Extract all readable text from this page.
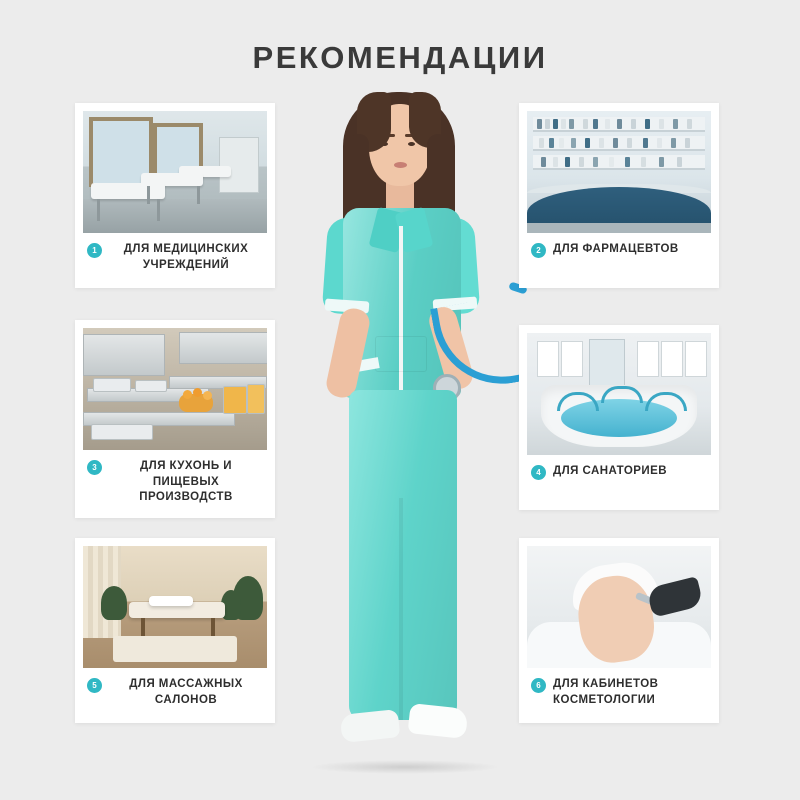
РЕКОМЕНДАЦИИ
1	ДЛЯ МЕДИЦИНСКИХ УЧРЕЖДЕНИЙ
2	ДЛЯ ФАРМАЦЕВТОВ
3	ДЛЯ КУХОНЬ И ПИЩЕВЫХ ПРОИЗВОДСТВ
4	ДЛЯ САНАТОРИЕВ
5	ДЛЯ МАССАЖНЫХ САЛОНОВ
6	ДЛЯ КАБИНЕТОВ КОСМЕТОЛОГИИ
